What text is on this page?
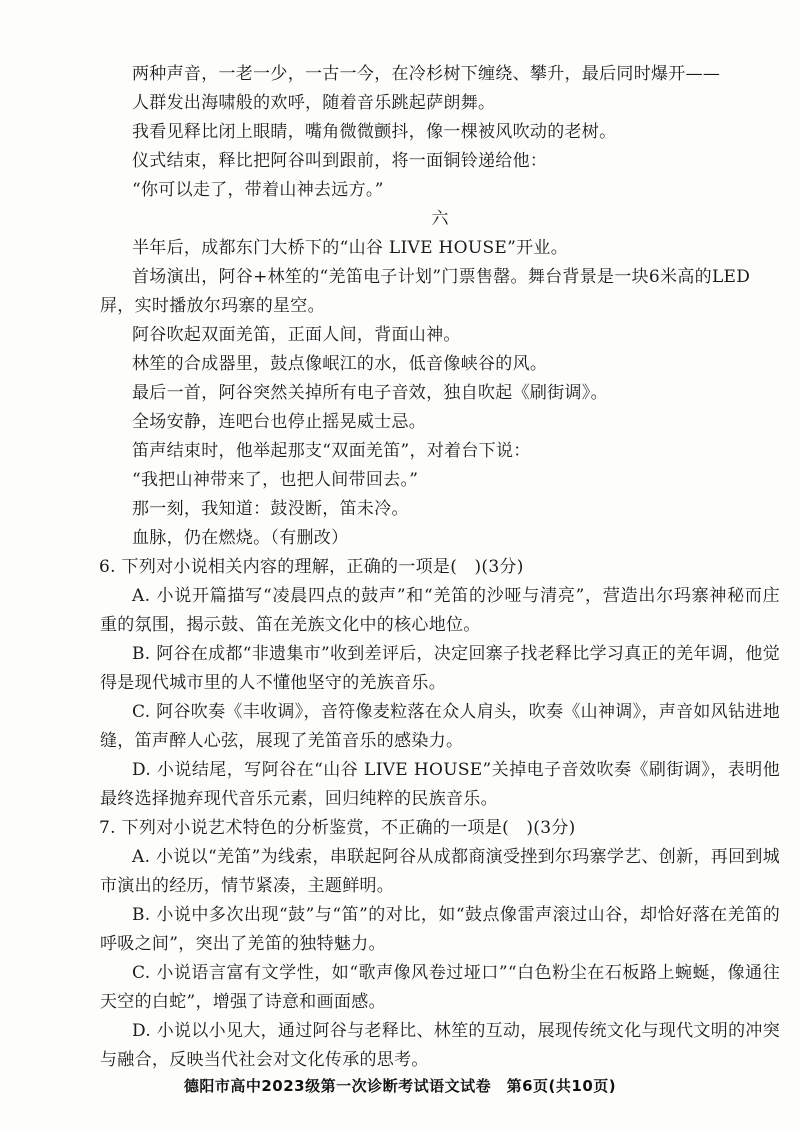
两种声音，一老一少，一古一今，在冷杉树下缠绕、攀升，最后同时爆开——

人群发出海啸般的欢呼，随着音乐跳起萨朗舞。

我看见释比闭上眼睛，嘴角微微颤抖，像一棵被风吹动的老树。

仪式结束，释比把阿谷叫到跟前，将一面铜铃递给他：

“你可以走了，带着山神去远方。”

六

半年后，成都东门大桥下的“山谷 LIVE HOUSE”开业。

首场演出，阿谷+林笙的“羌笛电子计划”门票售罄。舞台背景是一块6米高的LED屏，实时播放尔玛寨的星空。

阿谷吹起双面羌笛，正面人间，背面山神。

林笙的合成器里，鼓点像岷江的水，低音像峡谷的风。

最后一首，阿谷突然关掉所有电子音效，独自吹起《刷街调》。

全场安静，连吧台也停止摇晃威士忌。

笛声结束时，他举起那支“双面羌笛”，对着台下说：

“我把山神带来了，也把人间带回去。”

那一刻，我知道：鼓没断，笛未冷。

血脉，仍在燃烧。（有删改）

6. 下列对小说相关内容的理解，正确的一项是(　)(3分)

A. 小说开篇描写“凌晨四点的鼓声”和“羌笛的沙哑与清亮”，营造出尔玛寨神秘而庄重的氛围，揭示鼓、笛在羌族文化中的核心地位。

B. 阿谷在成都“非遗集市”收到差评后，决定回寨子找老释比学习真正的羌年调，他觉得是现代城市里的人不懂他坚守的羌族音乐。

C. 阿谷吹奏《丰收调》，音符像麦粒落在众人肩头，吹奏《山神调》，声音如风钻进地缝，笛声醉人心弦，展现了羌笛音乐的感染力。

D. 小说结尾，写阿谷在“山谷 LIVE HOUSE”关掉电子音效吹奏《刷街调》，表明他最终选择抛弃现代音乐元素，回归纯粹的民族音乐。

7. 下列对小说艺术特色的分析鉴赏，不正确的一项是(　)(3分)

A. 小说以“羌笛”为线索，串联起阿谷从成都商演受挫到尔玛寨学艺、创新，再回到城市演出的经历，情节紧凑，主题鲜明。

B. 小说中多次出现“鼓”与“笛”的对比，如“鼓点像雷声滚过山谷，却恰好落在羌笛的呼吸之间”，突出了羌笛的独特魅力。

C. 小说语言富有文学性，如“歌声像风卷过垭口”“白色粉尘在石板路上蜿蜒，像通往天空的白蛇”，增强了诗意和画面感。

D. 小说以小见大，通过阿谷与老释比、林笙的互动，展现传统文化与现代文明的冲突与融合，反映当代社会对文化传承的思考。

德阳市高中2023级第一次诊断考试语文试卷　第6页(共10页)
